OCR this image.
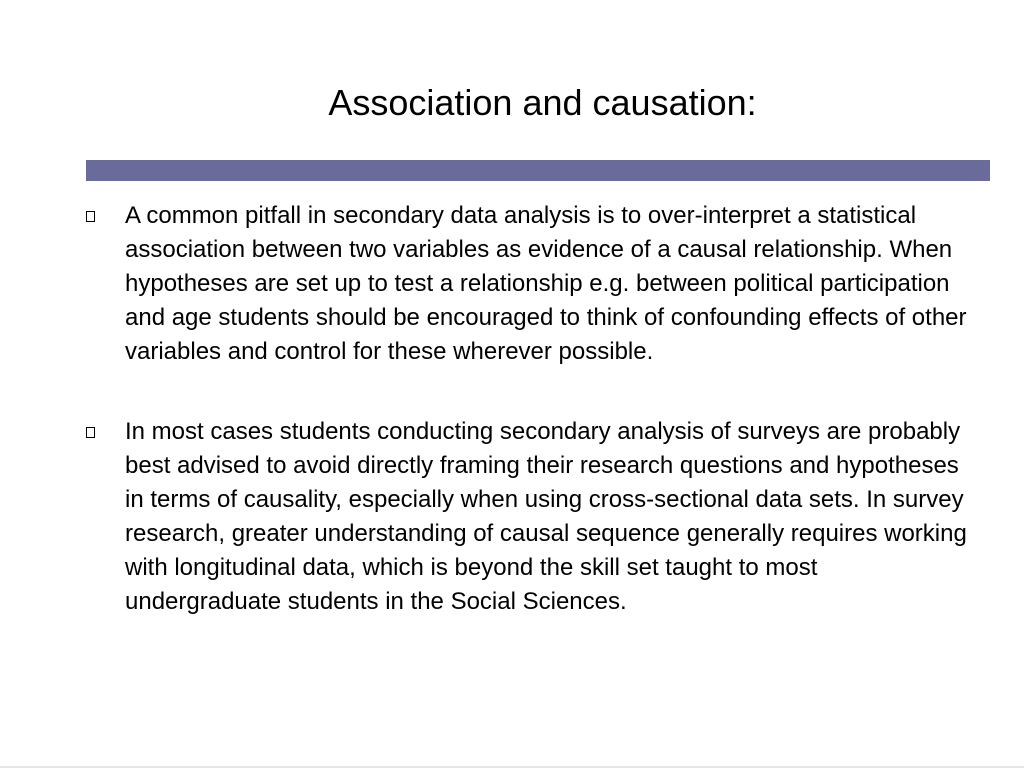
Association and causation:
A common pitfall in secondary data analysis is to over-interpret a statistical association between two variables as evidence of a causal relationship. When hypotheses are set up to test a relationship e.g. between political participation and age students should be encouraged to think of confounding effects of other variables and control for these wherever possible.
In most cases students conducting secondary analysis of surveys are probably best advised to avoid directly framing their research questions and hypotheses in terms of causality, especially when using cross-sectional data sets. In survey research, greater understanding of causal sequence generally requires working with longitudinal data, which is beyond the skill set taught to most undergraduate students in the Social Sciences.
